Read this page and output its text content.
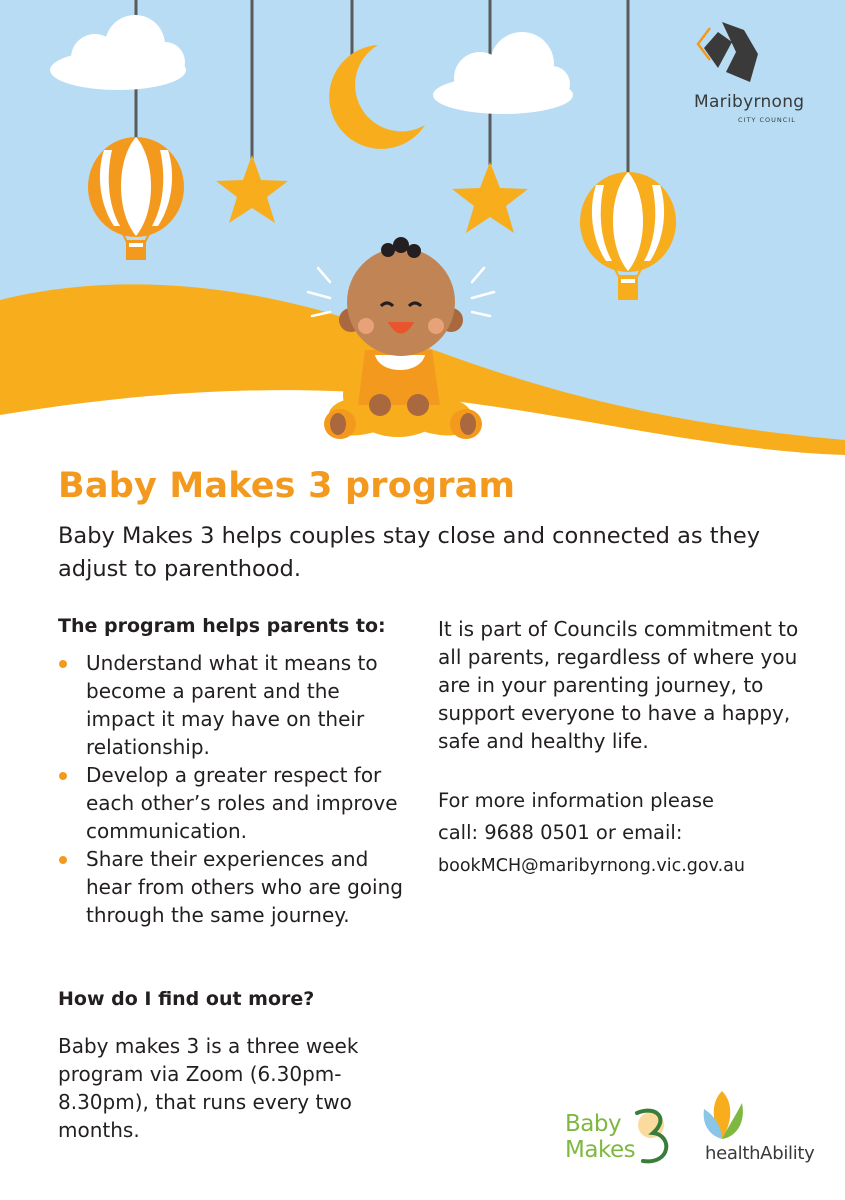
Maribyrnong
CITY COUNCIL
Baby Makes 3 program

Baby Makes 3 helps couples stay close and connected as they adjust to parenthood.

The program helps parents to:

Understand what it means to become a parent and the impact it may have on their relationship.
Develop a greater respect for each other’s roles and improve communication.
Share their experiences and hear from others who are going through the same journey.

How do I find out more?

Baby makes 3 is a three week program via Zoom (6.30pm-8.30pm), that runs every two months.

It is part of Councils commitment to all parents, regardless of where you are in your parenting journey, to support everyone to have a happy, safe and healthy life.

For more information please
call: 9688 0501 or email:
bookMCH@maribyrnong.vic.gov.au

Baby
Makes	healthAbility
